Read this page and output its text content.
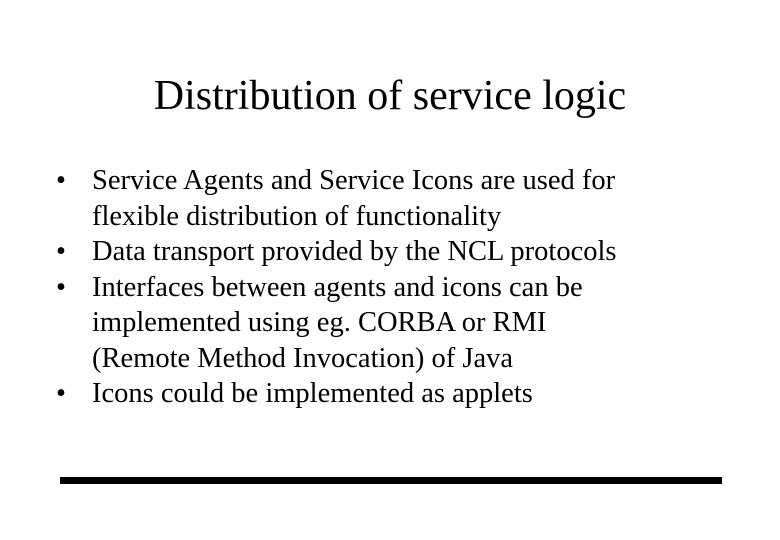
Distribution of service logic
• Service Agents and Service Icons are used for
flexible distribution of functionality
• Data transport provided by the NCL protocols
• Interfaces between agents and icons can be
implemented using eg. CORBA or RMI
(Remote Method Invocation) of Java
• Icons could be implemented as applets
